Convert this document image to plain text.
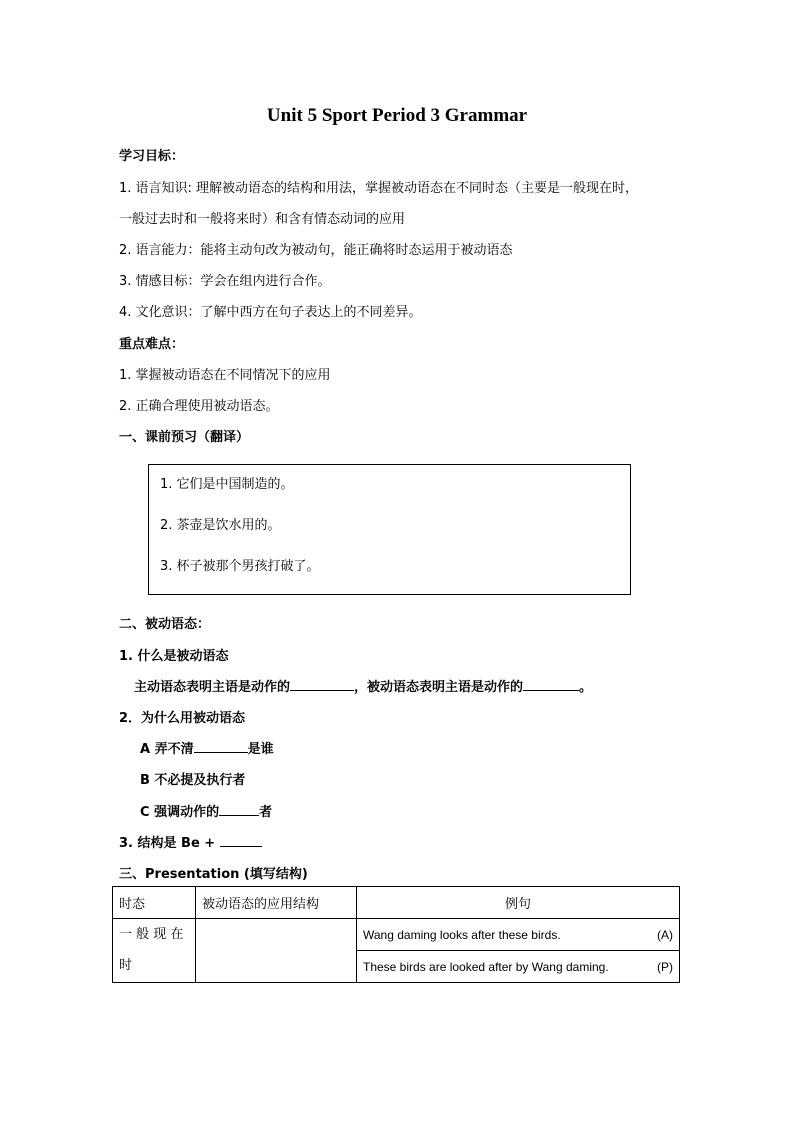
Unit 5 Sport Period 3 Grammar
学习目标：
1. 语言知识: 理解被动语态的结构和用法，掌握被动语态在不同时态（主要是一般现在时，
一般过去时和一般将来时）和含有情态动词的应用
2. 语言能力：能将主动句改为被动句，能正确将时态运用于被动语态
3. 情感目标：学会在组内进行合作。
4. 文化意识：了解中西方在句子表达上的不同差异。
重点难点：
1. 掌握被动语态在不同情况下的应用
2. 正确合理使用被动语态。
一、课前预习（翻译）
1. 它们是中国制造的。
2. 茶壶是饮水用的。
3. 杯子被那个男孩打破了。
二、被动语态：
1. 什么是被动语态
主动语态表明主语是动作的	，被动语态表明主语是动作的	。
2．为什么用被动语态
A 弄不清	是谁
B 不必提及执行者
C 强调动作的	者
3. 结构是 Be +
三、Presentation (填写结构)
时态	被动语态的应用结构	例句
一 般 现 在 时		Wang daming looks after these birds. (A)

		These birds are looked after by Wang daming. (P)
